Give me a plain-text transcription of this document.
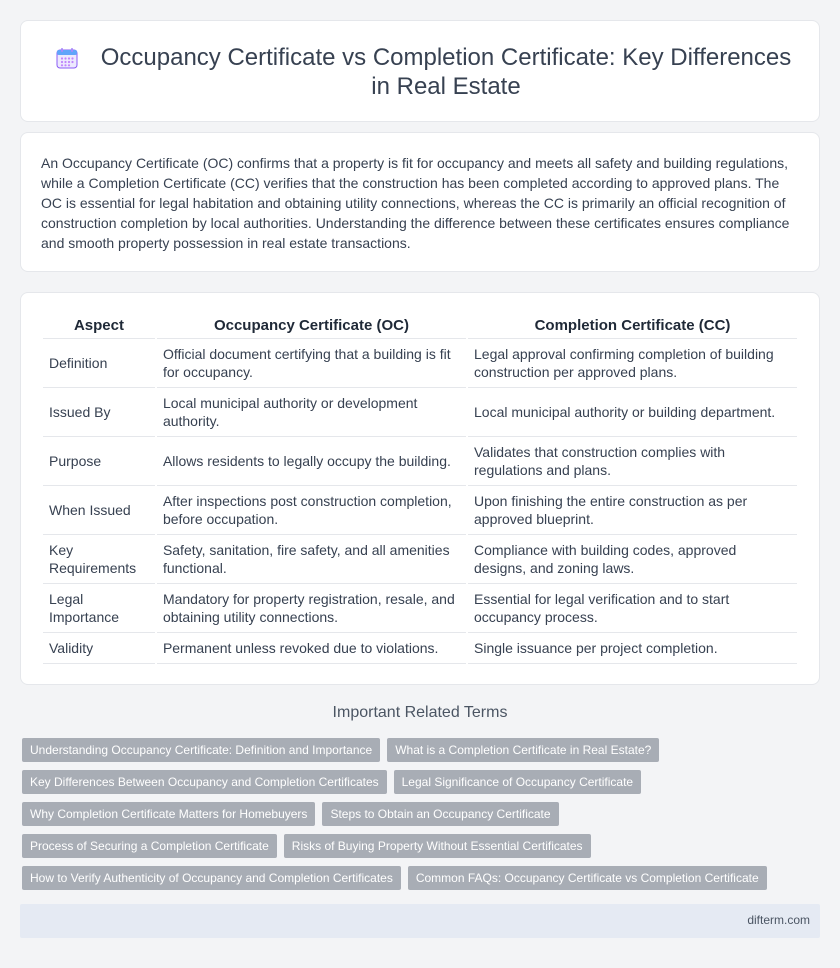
Occupancy Certificate vs Completion Certificate: Key Differences in Real Estate

An Occupancy Certificate (OC) confirms that a property is fit for occupancy and meets all safety and building regulations, while a Completion Certificate (CC) verifies that the construction has been completed according to approved plans. The OC is essential for legal habitation and obtaining utility connections, whereas the CC is primarily an official recognition of construction completion by local authorities. Understanding the difference between these certificates ensures compliance and smooth property possession in real estate transactions.

Aspect	Occupancy Certificate (OC)	Completion Certificate (CC)
Definition	Official document certifying that a building is fit for occupancy.	Legal approval confirming completion of building construction per approved plans.
Issued By	Local municipal authority or development authority.	Local municipal authority or building department.
Purpose	Allows residents to legally occupy the building.	Validates that construction complies with regulations and plans.
When Issued	After inspections post construction completion, before occupation.	Upon finishing the entire construction as per approved blueprint.
Key Requirements	Safety, sanitation, fire safety, and all amenities functional.	Compliance with building codes, approved designs, and zoning laws.
Legal Importance	Mandatory for property registration, resale, and obtaining utility connections.	Essential for legal verification and to start occupancy process.
Validity	Permanent unless revoked due to violations.	Single issuance per project completion.
Important Related Terms
Understanding Occupancy Certificate: Definition and Importance	What is a Completion Certificate in Real Estate?
Key Differences Between Occupancy and Completion Certificates	Legal Significance of Occupancy Certificate
Why Completion Certificate Matters for Homebuyers	Steps to Obtain an Occupancy Certificate
Process of Securing a Completion Certificate	Risks of Buying Property Without Essential Certificates
How to Verify Authenticity of Occupancy and Completion Certificates	Common FAQs: Occupancy Certificate vs Completion Certificate
difterm.com
